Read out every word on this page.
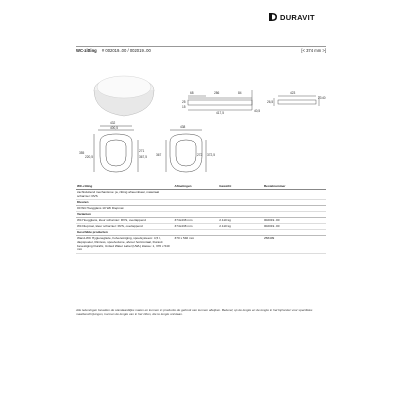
DURAVIT
WC-zitting # 002019..00 / 002019..00	[< 374 mm >]
68	286	84
25
15
417,5	40,5
423
26,5
23 40
432
400,5
355
220,5
271
367,5
438
367	272 372,5
WC-zitting	Afmetingen	Gewicht	Bestelnummer
zachtsluitend mechanisme: ja, zitting afneembaar, materiaal scharnier: RVS			
Kleuren			
00 Wit Hoogglans 10 Wit Diepmat			
Varianten			
Wit Hoogglans, kleur scharnier: RVS, overlappend	374x438 mm	2.110 kg	002019..00
Wit Diepmat, kleur scharnier: RVS, overlappend	374x438 mm	2.110 kg	002019..00
Geschikte producten			
Wand-WC Hygieneglaze, holvereiniging, spoelsysteem: 4,5 l, diepspoeler, Rimless, spoelvolume, afvoer horizontaal, Duravit bevestiging Durafix, United Water Label (UWL) klasse: 1, 370 x 540 mm	370 x 540 mm		258409
Alle tekeningen bevatten de standaardtijke maten en kunnen in productie de gebruik van kunnen afwijken. Bekend, op de lengte en de lengte in het bijzonder voor specifieke maatbeschrijvingen, kunnen de lengte van in het zitten, die te lengte ontstaan.
